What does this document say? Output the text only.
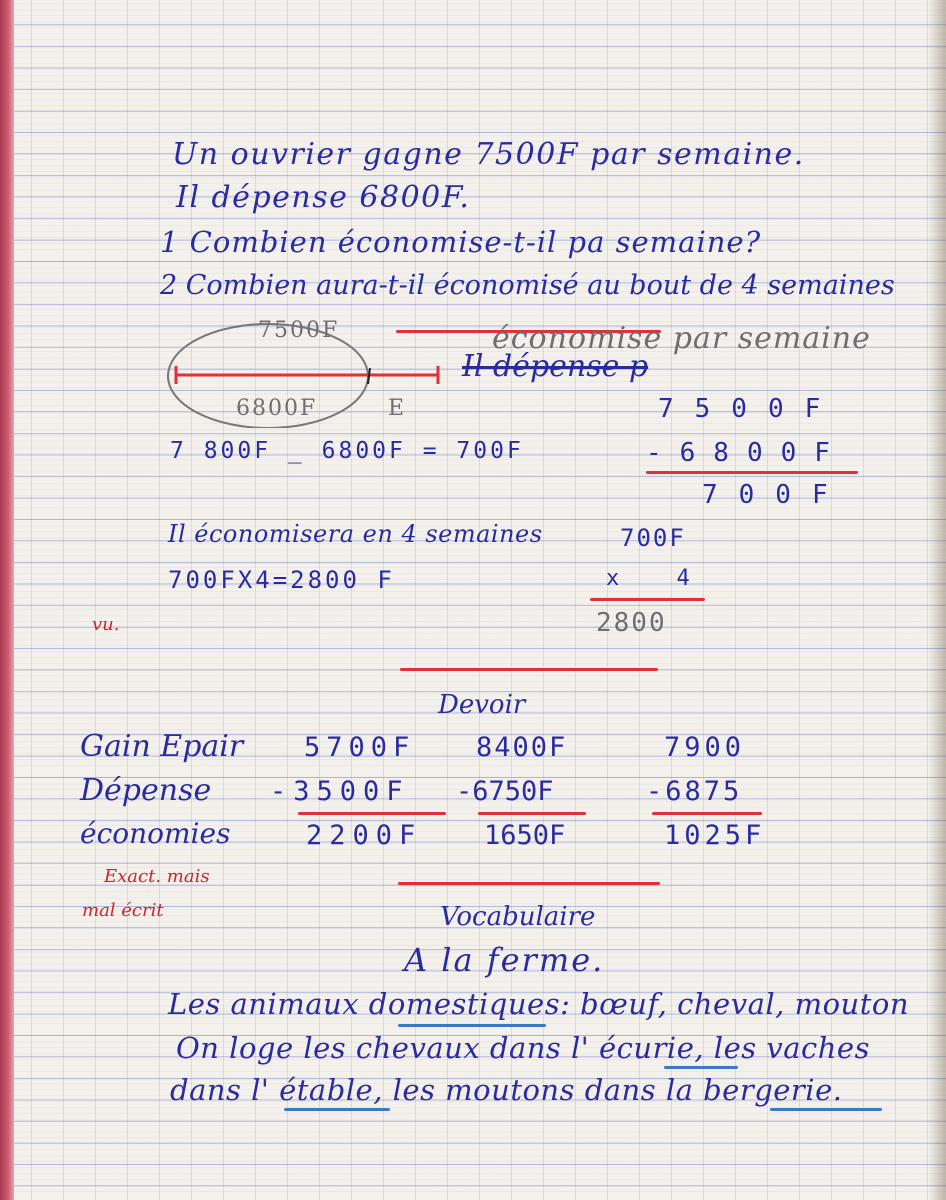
Un ouvrier gagne 7500F par semaine.
Il dépense 6800F.
1 Combien économise-t-il pa semaine?
2 Combien aura-t-il économisé au bout de 4 semaines
7500F
6800F	E
économise par semaine
Il dépense p
7 800F _ 6800F = 700F
7500F
-6800F
700F
Il économisera en 4 semaines
700FX4=2800 F
700F
x 4
2800
vu.
Exact. mais
mal écrit
Devoir
Gain Epair 5700F 8400F	7900
Dépense -3500F -6750F	-6875
économies	2200F 1650F	1025F
Vocabulaire
A la ferme.
Les animaux domestiques: bœuf, cheval, mouton
On loge les chevaux dans l' écurie, les vaches
dans l' étable, les moutons dans la bergerie.
